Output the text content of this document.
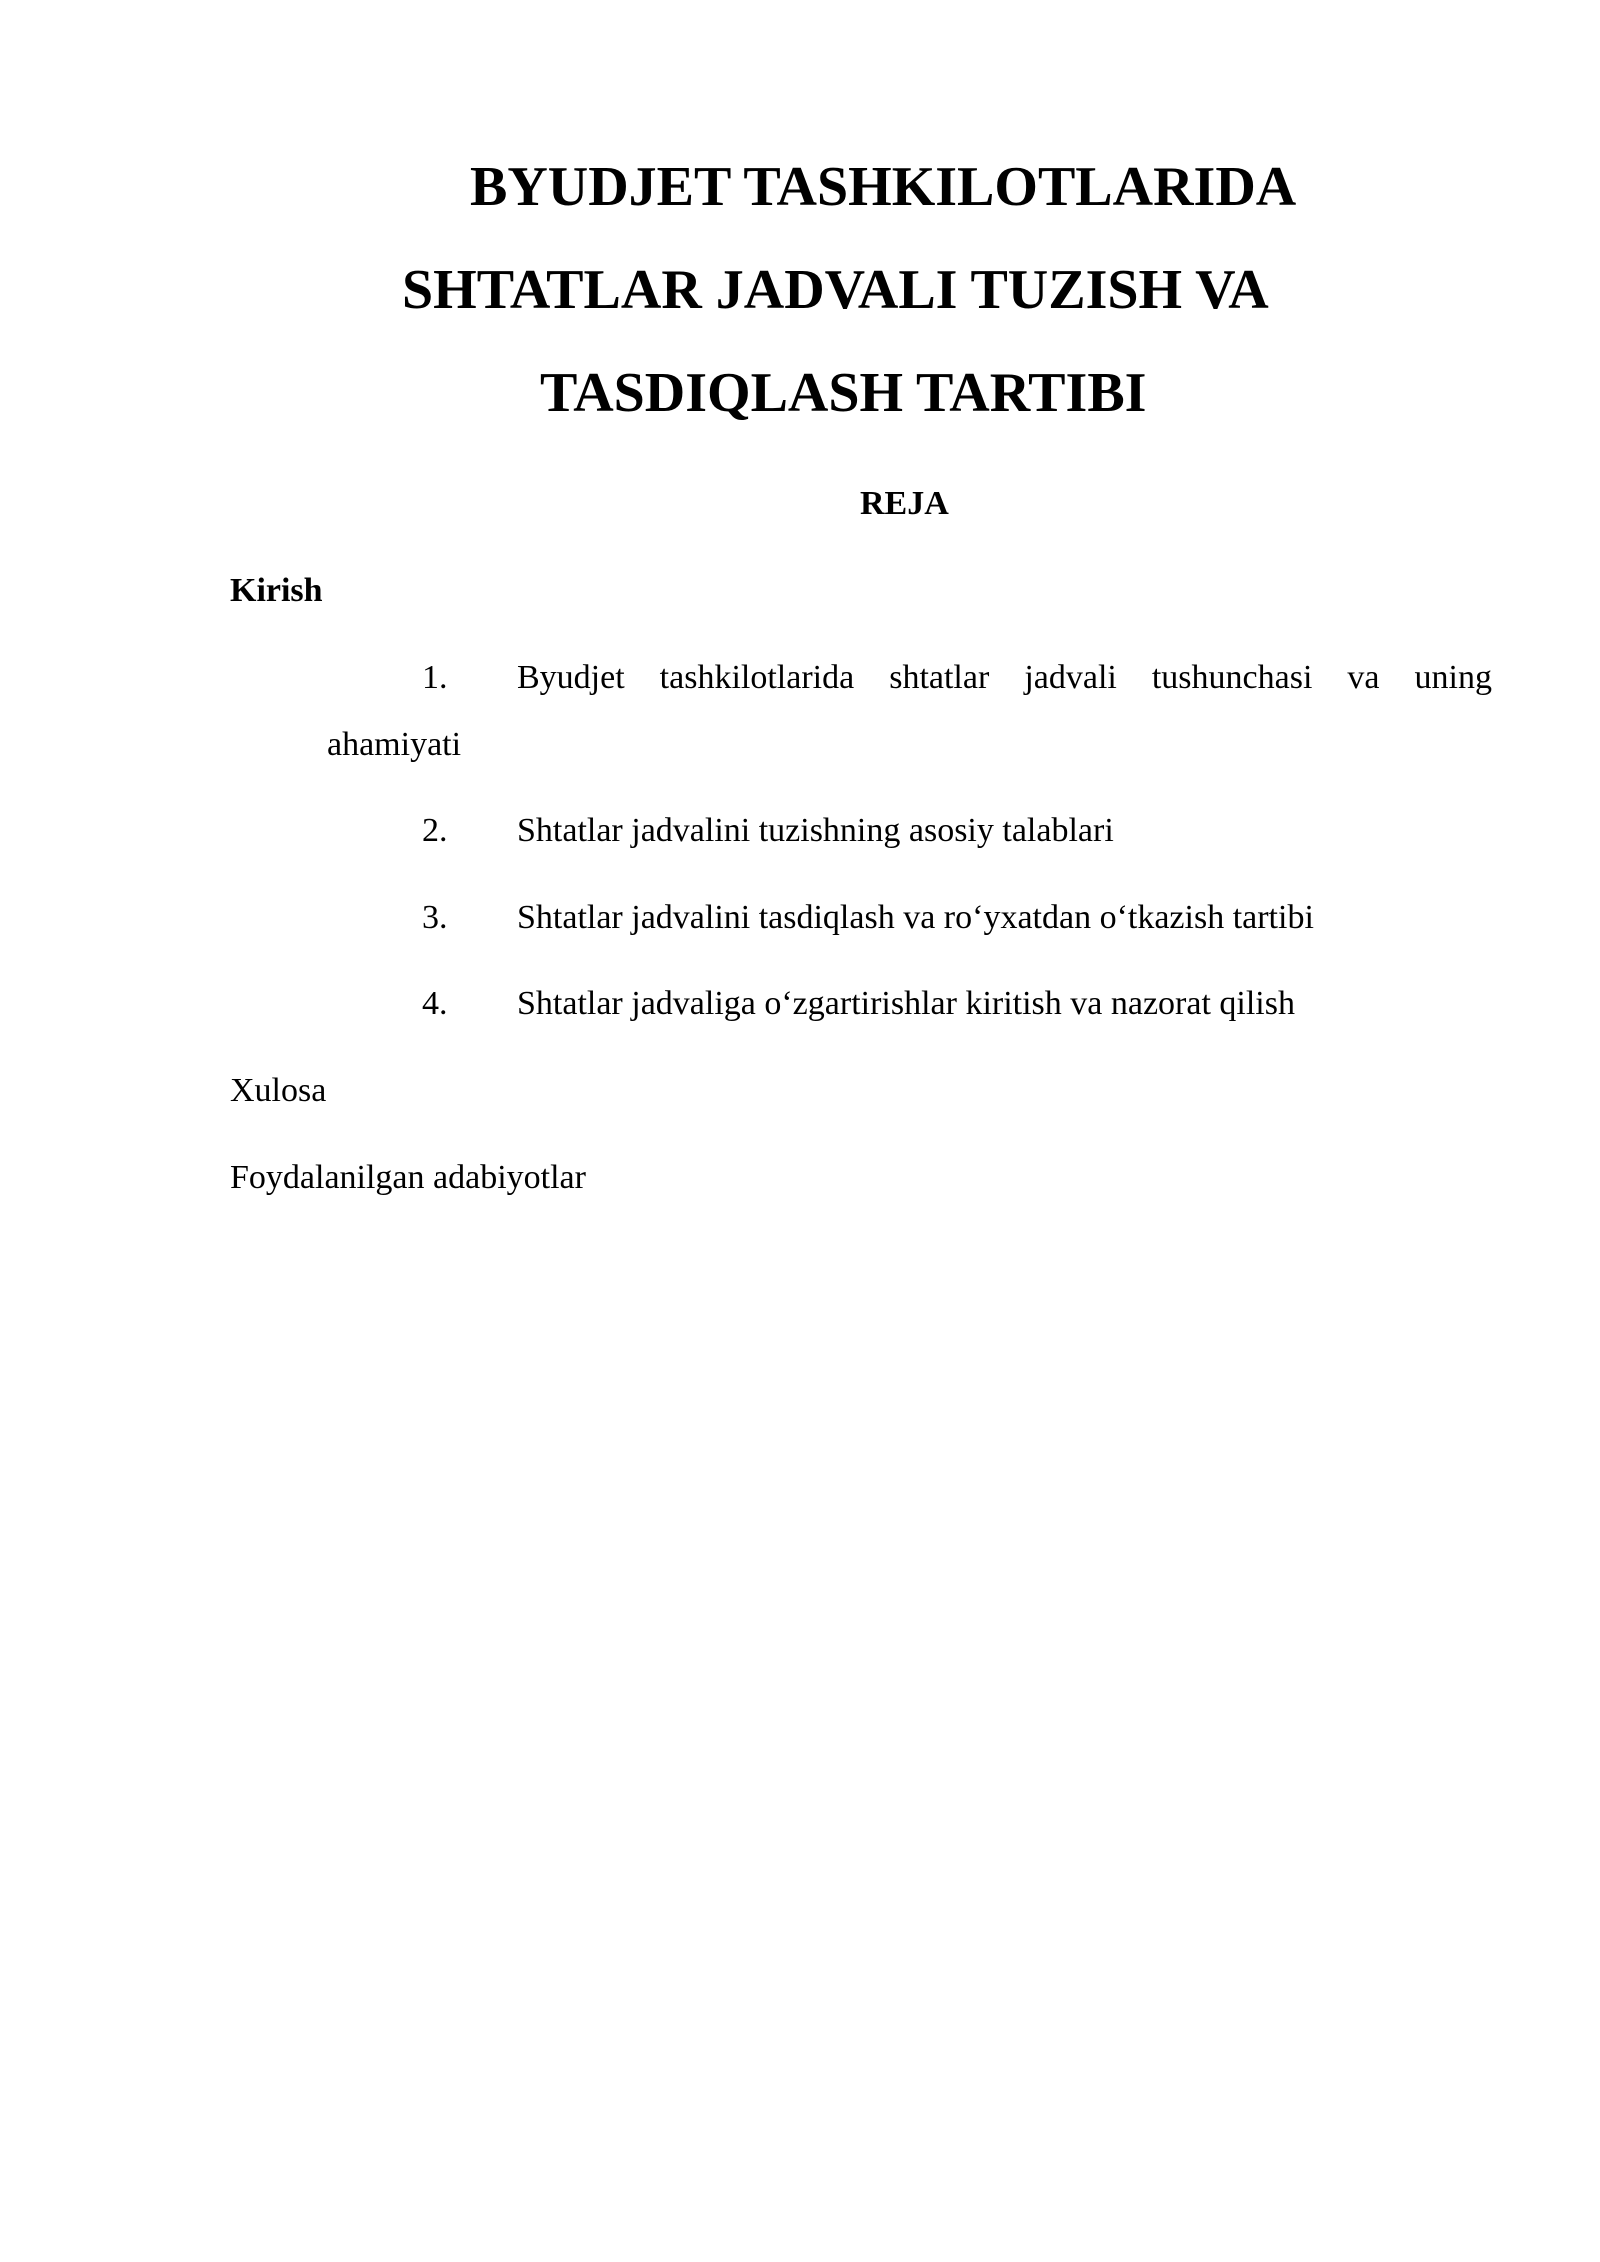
BYUDJET TASHKILOTLARIDA
SHTATLAR JADVALI TUZISH VA
TASDIQLASH TARTIBI
REJA
Kirish
1. Byudjet tashkilotlarida shtatlar jadvali tushunchasi va uning
ahamiyati
2. Shtatlar jadvalini tuzishning asosiy talablari
3. Shtatlar jadvalini tasdiqlash va ro‘yxatdan o‘tkazish tartibi
4. Shtatlar jadvaliga o‘zgartirishlar kiritish va nazorat qilish
Xulosa
Foydalanilgan adabiyotlar
